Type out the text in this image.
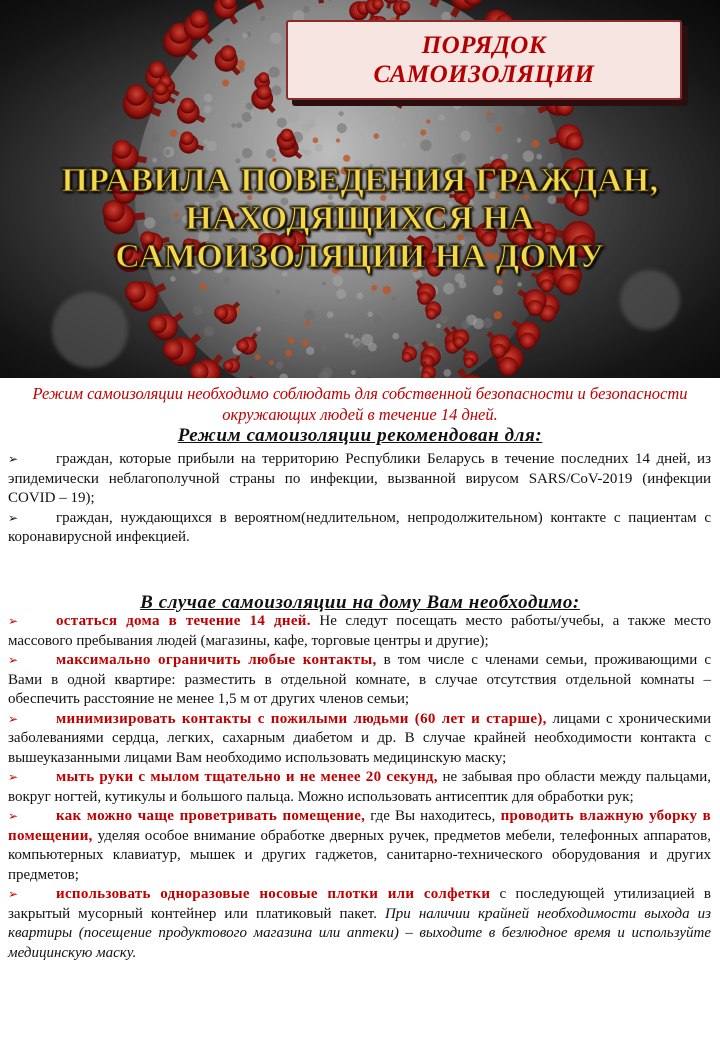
ПОРЯДОК
САМОИЗОЛЯЦИИ
ПРАВИЛА ПОВЕДЕНИЯ ГРАЖДАН,
НАХОДЯЩИХСЯ НА
САМОИЗОЛЯЦИИ НА ДОМУ
Режим самоизоляции необходимо соблюдать для собственной безопасности и безопасности окружающих людей в течение 14 дней.
Режим самоизоляции рекомендован для:
➢	граждан, которые прибыли на территорию Республики Беларусь в течение последних 14 дней, из эпидемически неблагополучной страны по инфекции, вызванной вирусом SARS/CoV-2019 (инфекции COVID – 19);
➢	граждан, нуждающихся в вероятном(недлительном, непродолжительном) контакте с пациентам с коронавирусной инфекцией.
В случае самоизоляции на дому Вам необходимо:
➢	остаться дома в течение 14 дней. Не следут посещать место работы/учебы, а также место массового пребывания людей (магазины, кафе, торговые центры и другие);
➢	максимально ограничить любые контакты, в том числе с членами семьи, проживающими с Вами в одной квартире: разместить в отдельной комнате, в случае отсутствия отдельной комнаты – обеспечить расстояние не менее 1,5 м от других членов семьи;
➢	минимизировать контакты с пожилыми людьми (60 лет и старше), лицами с хроническими заболеваниями сердца, легких, сахарным диабетом и др. В случае крайней необходимости контакта с вышеуказанными лицами Вам необходимо использовать медицинскую маску;
➢	мыть руки с мылом тщательно и не менее 20 секунд, не забывая про области между пальцами, вокруг ногтей, кутикулы и большого пальца. Можно использовать антисептик для обработки рук;
➢	как можно чаще проветривать помещение, где Вы находитесь, проводить влажную уборку в помещении, уделяя особое внимание обработке дверных ручек, предметов мебели, телефонных аппаратов, компьютерных клавиатур, мышек и других гаджетов, санитарно-технического оборудования и других предметов;
➢	использовать одноразовые носовые плотки или солфетки с последующей утилизацией в закрытый мусорный контейнер или платиковый пакет. При наличии крайней необходимости выхода из квартиры (посещение продуктового магазина или аптеки) – выходите в безлюдное время и используйте медицинскую маску.
